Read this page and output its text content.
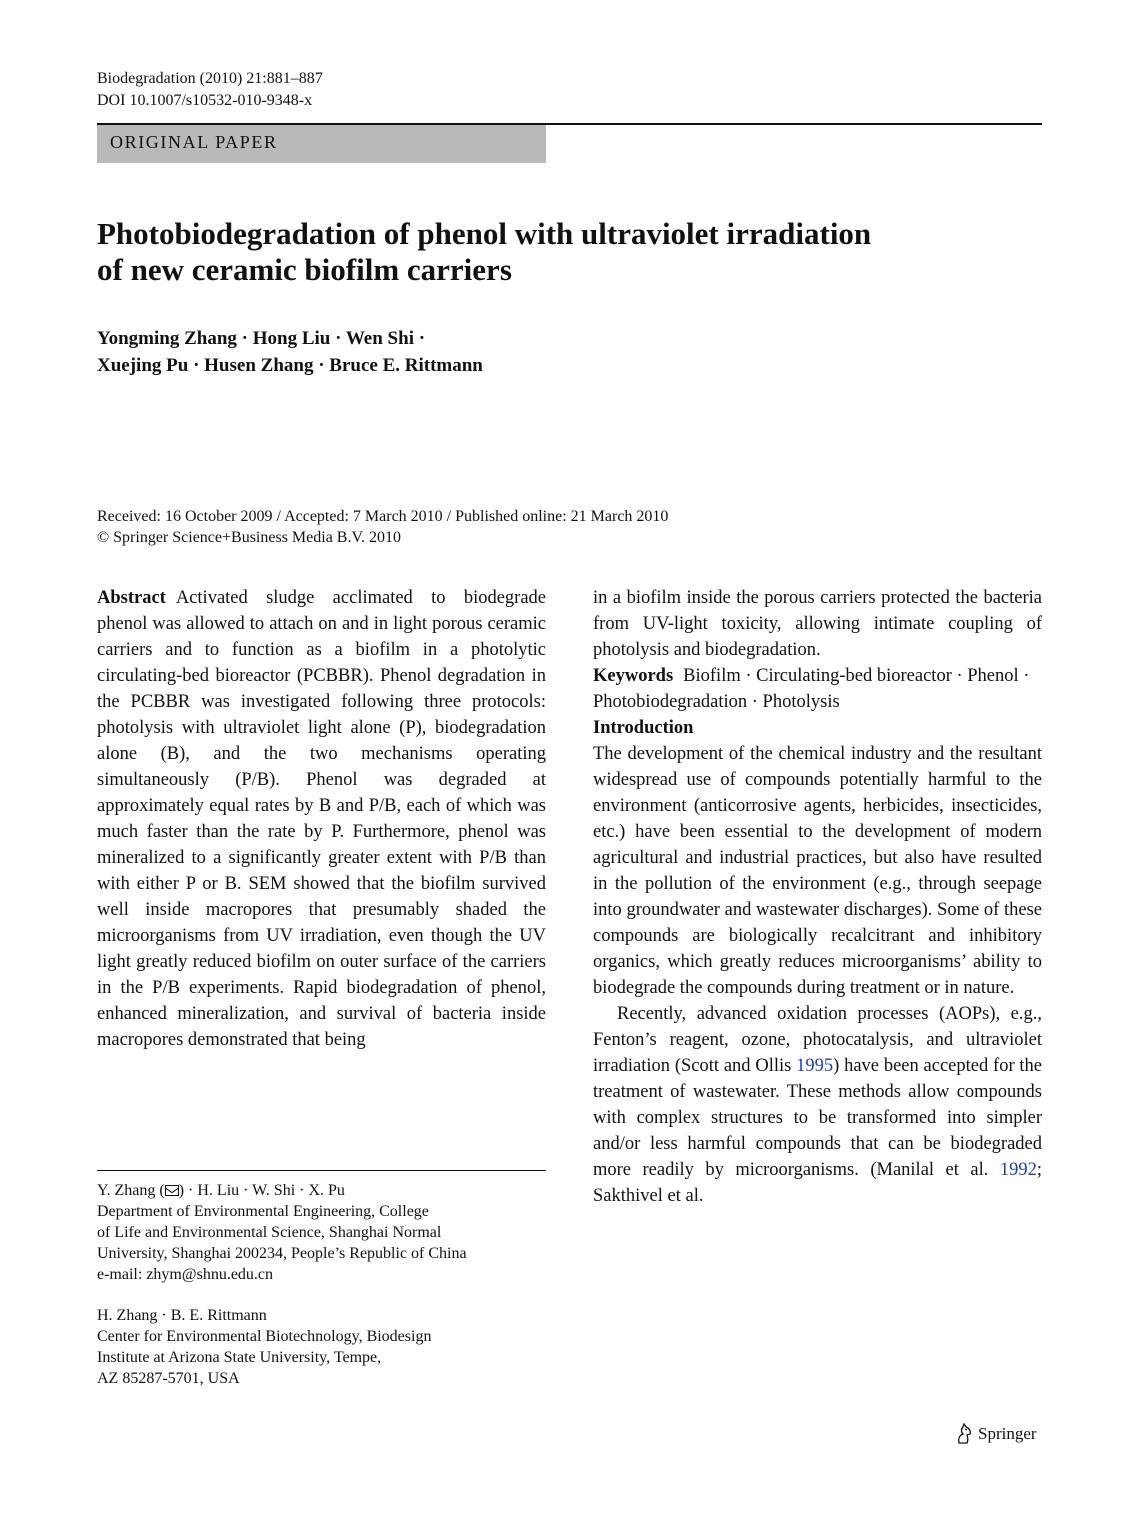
Biodegradation (2010) 21:881–887
DOI 10.1007/s10532-010-9348-x
ORIGINAL PAPER
Photobiodegradation of phenol with ultraviolet irradiation
of new ceramic biofilm carriers
Yongming Zhang · Hong Liu · Wen Shi ·
Xuejing Pu · Husen Zhang · Bruce E. Rittmann
Received: 16 October 2009 / Accepted: 7 March 2010 / Published online: 21 March 2010
© Springer Science+Business Media B.V. 2010

Abstract Activated sludge acclimated to biodegrade phenol was allowed to attach on and in light porous ceramic carriers and to function as a biofilm in a photolytic circulating-bed bioreactor (PCBBR). Phenol degradation in the PCBBR was investigated following three protocols: photolysis with ultraviolet light alone (P), biodegradation alone (B), and the two mechanisms operating simultaneously (P/B). Phenol was degraded at approximately equal rates by B and P/B, each of which was much faster than the rate by P. Furthermore, phenol was mineralized to a significantly greater extent with P/B than with either P or B. SEM showed that the biofilm survived well inside macropores that presumably shaded the microorganisms from UV irradiation, even though the UV light greatly reduced biofilm on outer surface of the carriers in the P/B experiments. Rapid biodegradation of phenol, enhanced mineralization, and survival of bacteria inside macropores demonstrated that being

in a biofilm inside the porous carriers protected the bacteria from UV-light toxicity, allowing intimate coupling of photolysis and biodegradation.

Keywords Biofilm · Circulating-bed bioreactor · Phenol · Photobiodegradation · Photolysis

Introduction

The development of the chemical industry and the resultant widespread use of compounds potentially harmful to the environment (anticorrosive agents, herbicides, insecticides, etc.) have been essential to the development of modern agricultural and industrial practices, but also have resulted in the pollution of the environment (e.g., through seepage into groundwater and wastewater discharges). Some of these compounds are biologically recalcitrant and inhibitory organics, which greatly reduces microorganisms’ ability to biodegrade the compounds during treatment or in nature.

Recently, advanced oxidation processes (AOPs), e.g., Fenton’s reagent, ozone, photocatalysis, and ultraviolet irradiation (Scott and Ollis 1995) have been accepted for the treatment of wastewater. These methods allow compounds with complex structures to be transformed into simpler and/or less harmful compounds that can be biodegraded more readily by microorganisms. (Manilal et al. 1992; Sakthivel et al.

Y. Zhang ( ) · H. Liu · W. Shi · X. Pu
Department of Environmental Engineering, College
of Life and Environmental Science, Shanghai Normal
University, Shanghai 200234, People’s Republic of China
e-mail: zhym@shnu.edu.cn
H. Zhang · B. E. Rittmann
Center for Environmental Biotechnology, Biodesign
Institute at Arizona State University, Tempe,
AZ 85287-5701, USA
Springer
